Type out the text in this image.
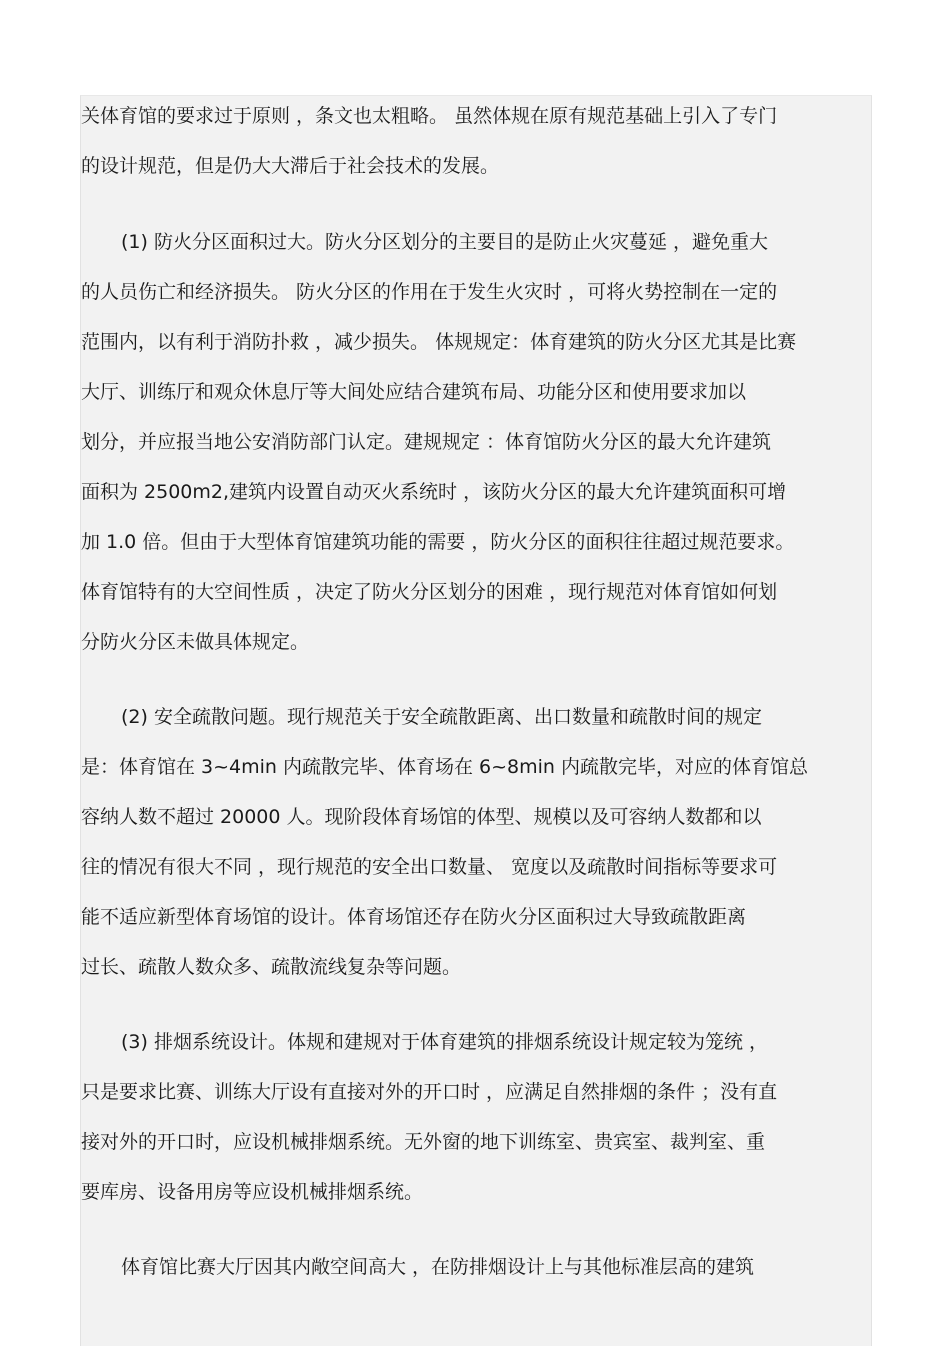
关体育馆的要求过于原则 ，条文也太粗略。 虽然体规在原有规范基础上引入了专门
的设计规范，但是仍大大滞后于社会技术的发展。
(1) 防火分区面积过大。防火分区划分的主要目的是防止火灾蔓延 ，避免重大
的人员伤亡和经济损失。 防火分区的作用在于发生火灾时 ，可将火势控制在一定的
范围内，以有利于消防扑救 ，减少损失。 体规规定：体育建筑的防火分区尤其是比赛
大厅、训练厅和观众休息厅等大间处应结合建筑布局、功能分区和使用要求加以
划分，并应报当地公安消防部门认定。建规规定 ：体育馆防火分区的最大允许建筑
面积为 2500m2,建筑内设置自动灭火系统时 ，该防火分区的最大允许建筑面积可增
加 1.0 倍。但由于大型体育馆建筑功能的需要 ，防火分区的面积往往超过规范要求。
体育馆特有的大空间性质 ，决定了防火分区划分的困难 ，现行规范对体育馆如何划
分防火分区未做具体规定。
(2) 安全疏散问题。现行规范关于安全疏散距离、出口数量和疏散时间的规定
是：体育馆在 3~4min 内疏散完毕、体育场在 6~8min 内疏散完毕，对应的体育馆总
容纳人数不超过 20000 人。现阶段体育场馆的体型、规模以及可容纳人数都和以
往的情况有很大不同 ，现行规范的安全出口数量、 宽度以及疏散时间指标等要求可
能不适应新型体育场馆的设计。体育场馆还存在防火分区面积过大导致疏散距离
过长、疏散人数众多、疏散流线复杂等问题。
(3) 排烟系统设计。体规和建规对于体育建筑的排烟系统设计规定较为笼统 ，
只是要求比赛、训练大厅设有直接对外的开口时 ，应满足自然排烟的条件 ；没有直
接对外的开口时，应设机械排烟系统。无外窗的地下训练室、贵宾室、裁判室、重
要库房、设备用房等应设机械排烟系统。
体育馆比赛大厅因其内敞空间高大 ，在防排烟设计上与其他标准层高的建筑
